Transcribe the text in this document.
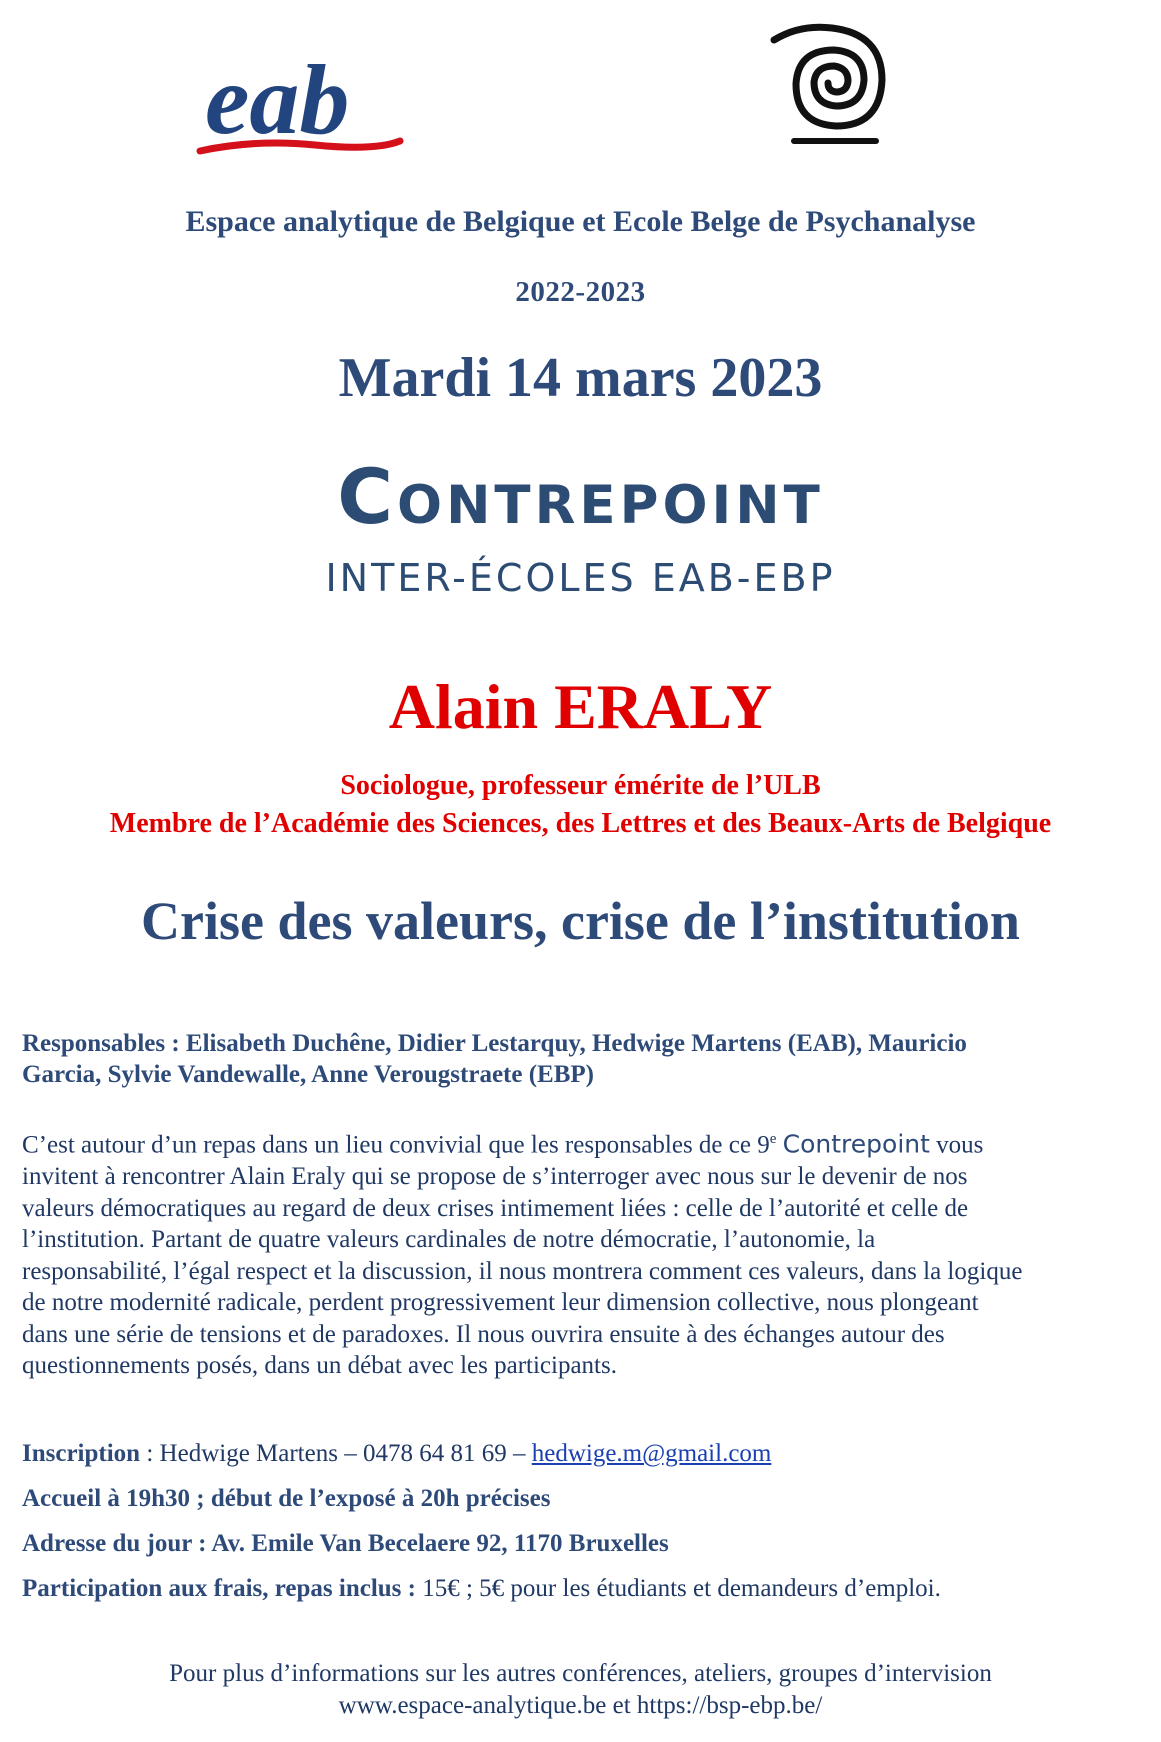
eab
Espace analytique de Belgique et Ecole Belge de Psychanalyse
2022-2023
Mardi 14 mars 2023
Contrepoint
INTER-ÉCOLES EAB-EBP
Alain ERALY
Sociologue, professeur émérite de l’ULB
Membre de l’Académie des Sciences, des Lettres et des Beaux-Arts de Belgique
Crise des valeurs, crise de l’institution
Responsables : Elisabeth Duchêne, Didier Lestarquy, Hedwige Martens (EAB), Mauricio
Garcia, Sylvie Vandewalle, Anne Verougstraete (EBP)
C’est autour d’un repas dans un lieu convivial que les responsables de ce 9e Contrepoint vous
invitent à rencontrer Alain Eraly qui se propose de s’interroger avec nous sur le devenir de nos
valeurs démocratiques au regard de deux crises intimement liées : celle de l’autorité et celle de
l’institution. Partant de quatre valeurs cardinales de notre démocratie, l’autonomie, la
responsabilité, l’égal respect et la discussion, il nous montrera comment ces valeurs, dans la logique
de notre modernité radicale, perdent progressivement leur dimension collective, nous plongeant
dans une série de tensions et de paradoxes. Il nous ouvrira ensuite à des échanges autour des
questionnements posés, dans un débat avec les participants.
Inscription : Hedwige Martens – 0478 64 81 69 – hedwige.m@gmail.com
Accueil à 19h30 ; début de l’exposé à 20h précises
Adresse du jour : Av. Emile Van Becelaere 92, 1170 Bruxelles
Participation aux frais, repas inclus : 15€ ; 5€ pour les étudiants et demandeurs d’emploi.
Pour plus d’informations sur les autres conférences, ateliers, groupes d’intervision
www.espace-analytique.be et https://bsp-ebp.be/
